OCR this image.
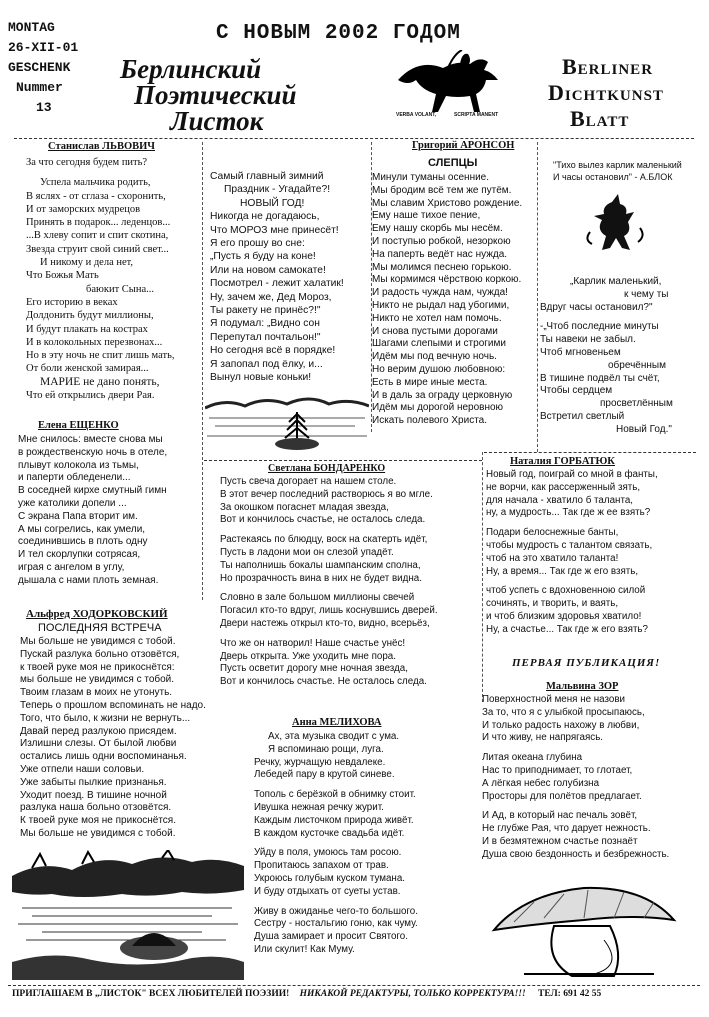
MONTAG
26-XII-01
GESCHENK
Nummer
13
С НОВЫМ 2002 ГОДОМ
Берлинский
Поэтический
Листок	VERBA VOLANT,	SCRIPTA MANENT
Berliner
Dichtkunst
Blatt
Станислав ЛЬВОВИЧ
За что сегодня будем пить?
Успела мальчика родить,
В яслях - от сглаза - схоронить,
И от заморских мудрецов
Принять в подарок... леденцов...
...В хлеву сопит и спит скотина,
Звезда струит свой синий свет...
И никому и дела нет,
Что Божья Мать
баюкит Сына...
Его историю в веках
Долдонить будут миллионы,
И будут плакать на кострах
И в колокольных перезвонах...
Но в эту ночь не спит лишь мать,
От боли женской замирая...
МАРИЕ не дано понять,
Что ей открылись двери Рая.
Елена ЕЩЕНКО
Мне снилось: вместе снова мы
в рождественскую ночь в отеле,
плывут колокола из тьмы,
и паперти обледенели...
В соседней кирхе смутный гимн
уже католики допели ...
С экрана Папа вторит им.
А мы согрелись, как умели,
соединившись в плоть одну
И тел скорлупки сотрясая,
играя с ангелом в углу,
дышала с нами плоть земная.
Альфред ХОДОРКОВСКИЙ
ПОСЛЕДНЯЯ ВСТРЕЧА
Мы больше не увидимся с тобой.
Пускай разлука больно отзовётся,
к твоей руке моя не прикоснётся:
мы больше не увидимся с тобой.
Твоим глазам в моих не утонуть.
Теперь о прошлом вспоминать не надо.
Того, что было, к жизни не вернуть...
Давай перед разлукою присядем.
Излишни слезы. От былой любви
остались лишь одни воспоминанья.
Уже отпели наши соловьи.
Уже забыты пылкие признанья.
Уходит поезд. В тишине ночной
разлука наша больно отзовётся.
К твоей руке моя не прикоснётся.
Мы больше не увидимся с тобой.
Самый главный зимний
Праздник - Угадайте?!
НОВЫЙ ГОД!
Никогда не догадаюсь,
Что МОРОЗ мне принесёт!
Я его прошу во сне:
„Пусть я буду на коне!
Или на новом самокате!
Посмотрел - лежит халатик!
Ну, зачем же, Дед Мороз,
Ты ракету не принёс?!"
Я подумал: „Видно сон
Перепутал почтальон!"
Но сегодня всё в порядке!
Я запопал под ёлку, и...
Вынул новые коньки!
Григорий АРОНСОН
СЛЕПЦЫ
Минули туманы осенние.
Мы бродим всё тем же путём.
Мы славим Христово рождение.
Ему наше тихое пение,
Ему нашу скорбь мы несём.
И поступью робкой, незоркою
На паперть ведёт нас нужда.
Мы молимся песнею горькою.
Мы кормимся чёрствою коркою.
И радость чужда нам, чужда!
Никто не рыдал над убогими,
Никто не хотел нам помочь.
И снова пустыми дорогами
Шагами слепыми и строгими
Идём мы под вечную ночь.
Но верим душою любовною:
Есть в мире иные места.
И в даль за ограду церковную
Идём мы дорогой неровною
Искать полевого Христа.
"Тихо вылез карлик маленький
И часы остановил" - А.БЛОК
„Карлик маленький,
к чему ты
Вдруг часы остановил?"
-„Чтоб последние минуты
Ты навеки не забыл.
Чтоб мгновеньем
обречённым
В тишине подвёл ты счёт,
Чтобы сердцем
просветлённым
Встретил светлый
Новый Год."
Светлана БОНДАРЕНКО
Пусть свеча догорает на нашем столе.
В этот вечер последний растворюсь я во мгле.
За окошком погаснет младая звезда,
Вот и кончилось счастье, не осталось следа.
Растекаясь по блюдцу, воск на скатерть идёт,
Пусть в ладони мои он слезой упадёт.
Ты наполнишь бокалы шампанским сполна,
Но прозрачность вина в них не будет видна.
Словно в зале большом миллионы свечей
Погасил кто-то вдруг, лишь коснувшись дверей.
Двери настежь открыл кто-то, видно, всерьёз,
Что же он натворил! Наше счастье унёс!
Дверь открыта. Уже уходить мне пора.
Пусть осветит дорогу мне ночная звезда,
Вот и кончилось счастье. Не осталось следа.
Наталия ГОРБАТЮК
Новый год, поиграй со мной в фанты,
не ворчи, как рассерженный зять,
для начала - хватило б таланта,
ну, а мудрость... Так где ж ее взять?
Подари белоснежные банты,
чтобы мудрость с талантом связать,
чтоб на это хватило таланта!
Ну, а время... Так где ж его взять,
чтоб успеть с вдохновенною силой
сочинять, и творить, и ваять,
и чтоб близким здоровья хватило!
Ну, а счастье... Так где ж его взять?
ПЕРВАЯ ПУБЛИКАЦИЯ!
Мальвина ЗОР
Поверхностной меня не назови
За то, что я с улыбкой просыпаюсь,
И только радость нахожу в любви,
И что живу, не напрягаясь.
Литая океана глубина
Нас то приподнимает, то глотает,
А лёгкая небес голубизна
Просторы для полётов предлагает.
И Ад, в который нас печаль зовёт,
Не глубже Рая, что дарует нежность.
И в безмятежном счастье познаёт
Душа свою бездонность и безбрежность.
Анна МЕЛИХОВА
Ах, эта музыка сводит с ума.
Я вспоминаю рощи, луга.
Речку, журчащую невдалеке.
Лебедей пару в крутой синеве.
Тополь с берёзкой в обнимку стоит.
Ивушка нежная речку журит.
Каждым листочком природа живёт.
В каждом кусточке свадьба идёт.
Уйду в поля, умоюсь там росою.
Пропитаюсь запахом от трав.
Укроюсь голубым куском тумана.
И буду отдыхать от суеты устав.
Живу в ожиданье чего-то большого.
Сестру - ностальгию гоню, как чуму.
Душа замирает и просит Святого.
Или скулит! Как Муму.
ПРИГЛАШАЕМ В „ЛИСТОК" ВСЕХ ЛЮБИТЕЛЕЙ ПОЭЗИИ! НИКАКОЙ РЕДАКТУРЫ, ТОЛЬКО КОРРЕКТУРА!!! ТЕЛ: 691 42 55
